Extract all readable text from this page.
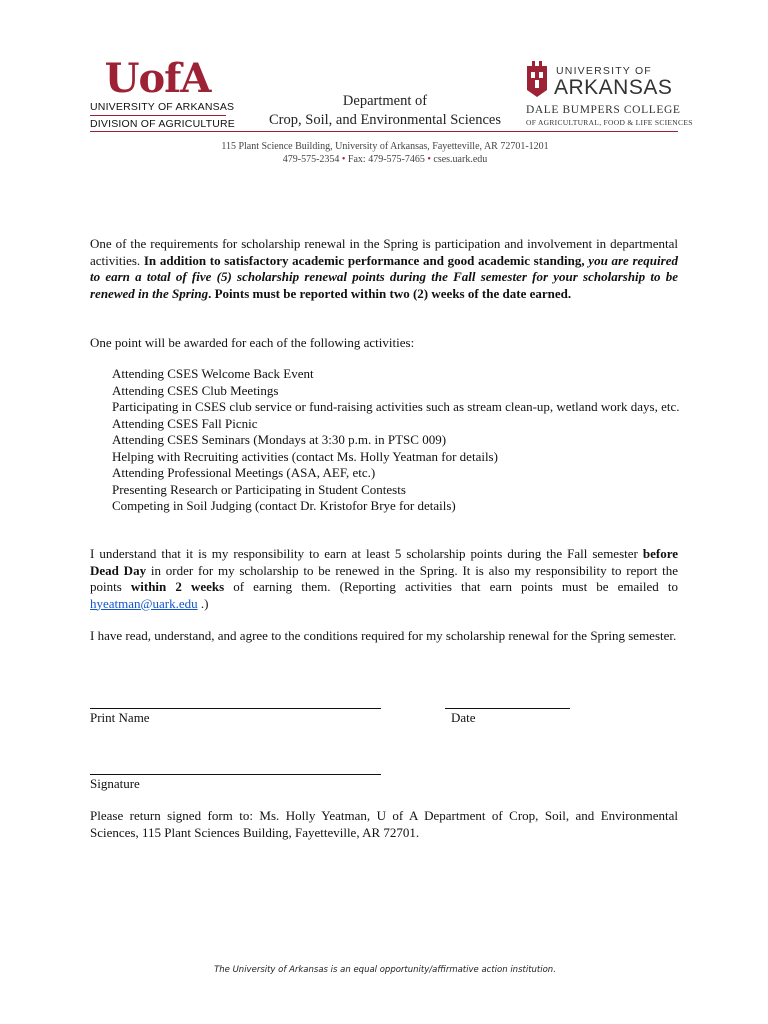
UofA
UNIVERSITY OF ARKANSAS
DIVISION OF AGRICULTURE
Department of
Crop, Soil, and Environmental Sciences
UNIVERSITY OF
ARKANSAS
DALE BUMPERS COLLEGE
OF AGRICULTURAL, FOOD & LIFE SCIENCES
115 Plant Science Building, University of Arkansas, Fayetteville, AR 72701-1201
479-575-2354 • Fax: 479-575-7465 • cses.uark.edu
One of the requirements for scholarship renewal in the Spring is participation and involvement in departmental activities. In addition to satisfactory academic performance and good academic standing, you are required to earn a total of five (5) scholarship renewal points during the Fall semester for your scholarship to be renewed in the Spring. Points must be reported within two (2) weeks of the date earned.
One point will be awarded for each of the following activities:
Attending CSES Welcome Back Event
Attending CSES Club Meetings
Participating in CSES club service or fund-raising activities such as stream clean-up, wetland work days, etc.
Attending CSES Fall Picnic
Attending CSES Seminars (Mondays at 3:30 p.m. in PTSC 009)
Helping with Recruiting activities (contact Ms. Holly Yeatman for details)
Attending Professional Meetings (ASA, AEF, etc.)
Presenting Research or Participating in Student Contests
Competing in Soil Judging (contact Dr. Kristofor Brye for details)
I understand that it is my responsibility to earn at least 5 scholarship points during the Fall semester before Dead Day in order for my scholarship to be renewed in the Spring. It is also my responsibility to report the points within 2 weeks of earning them. (Reporting activities that earn points must be emailed to hyeatman@uark.edu .)
I have read, understand, and agree to the conditions required for my scholarship renewal for the Spring semester.
Print Name	Date
Signature
Please return signed form to: Ms. Holly Yeatman, U of A Department of Crop, Soil, and Environmental Sciences, 115 Plant Sciences Building, Fayetteville, AR 72701.
The University of Arkansas is an equal opportunity/affirmative action institution.
